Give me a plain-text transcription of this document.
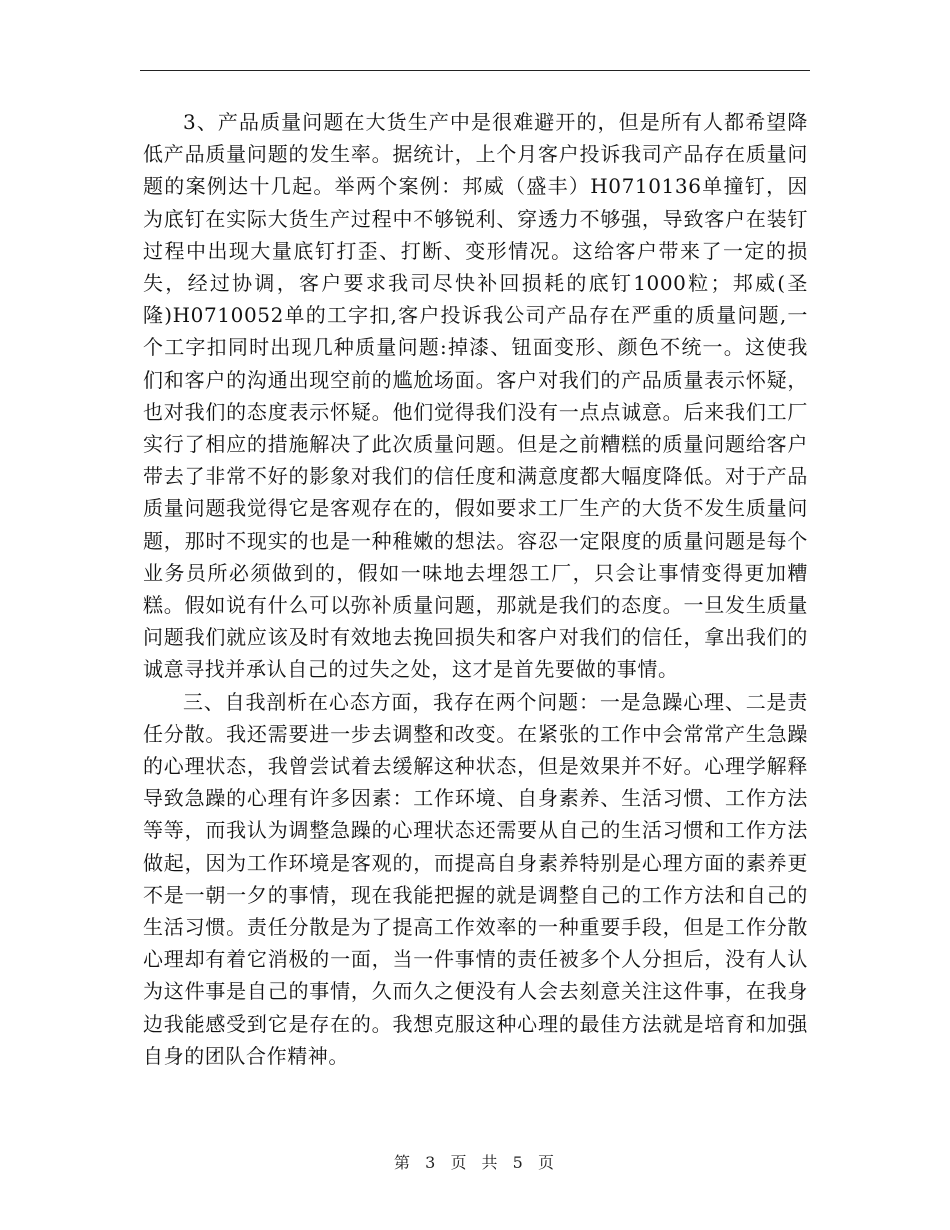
3、产品质量问题在大货生产中是很难避开的，但是所有人都希望降低产品质量问题的发生率。据统计，上个月客户投诉我司产品存在质量问题的案例达十几起。举两个案例：邦威（盛丰）H0710136单撞钉，因为底钉在实际大货生产过程中不够锐利、穿透力不够强，导致客户在装钉过程中出现大量底钉打歪、打断、变形情况。这给客户带来了一定的损失，经过协调，客户要求我司尽快补回损耗的底钉1000粒；邦威(圣隆)H0710052单的工字扣,客户投诉我公司产品存在严重的质量问题,一个工字扣同时出现几种质量问题:掉漆、钮面变形、颜色不统一。这使我们和客户的沟通出现空前的尴尬场面。客户对我们的产品质量表示怀疑，也对我们的态度表示怀疑。他们觉得我们没有一点点诚意。后来我们工厂实行了相应的措施解决了此次质量问题。但是之前糟糕的质量问题给客户带去了非常不好的影象对我们的信任度和满意度都大幅度降低。对于产品质量问题我觉得它是客观存在的，假如要求工厂生产的大货不发生质量问题，那时不现实的也是一种稚嫩的想法。容忍一定限度的质量问题是每个业务员所必须做到的，假如一味地去埋怨工厂，只会让事情变得更加糟糕。假如说有什么可以弥补质量问题，那就是我们的态度。一旦发生质量问题我们就应该及时有效地去挽回损失和客户对我们的信任，拿出我们的诚意寻找并承认自己的过失之处，这才是首先要做的事情。

三、自我剖析在心态方面，我存在两个问题：一是急躁心理、二是责任分散。我还需要进一步去调整和改变。在紧张的工作中会常常产生急躁的心理状态，我曾尝试着去缓解这种状态，但是效果并不好。心理学解释导致急躁的心理有许多因素：工作环境、自身素养、生活习惯、工作方法等等，而我认为调整急躁的心理状态还需要从自己的生活习惯和工作方法做起，因为工作环境是客观的，而提高自身素养特别是心理方面的素养更不是一朝一夕的事情，现在我能把握的就是调整自己的工作方法和自己的生活习惯。责任分散是为了提高工作效率的一种重要手段，但是工作分散心理却有着它消极的一面，当一件事情的责任被多个人分担后，没有人认为这件事是自己的事情，久而久之便没有人会去刻意关注这件事，在我身边我能感受到它是存在的。我想克服这种心理的最佳方法就是培育和加强自身的团队合作精神。

第 3 页 共 5 页
